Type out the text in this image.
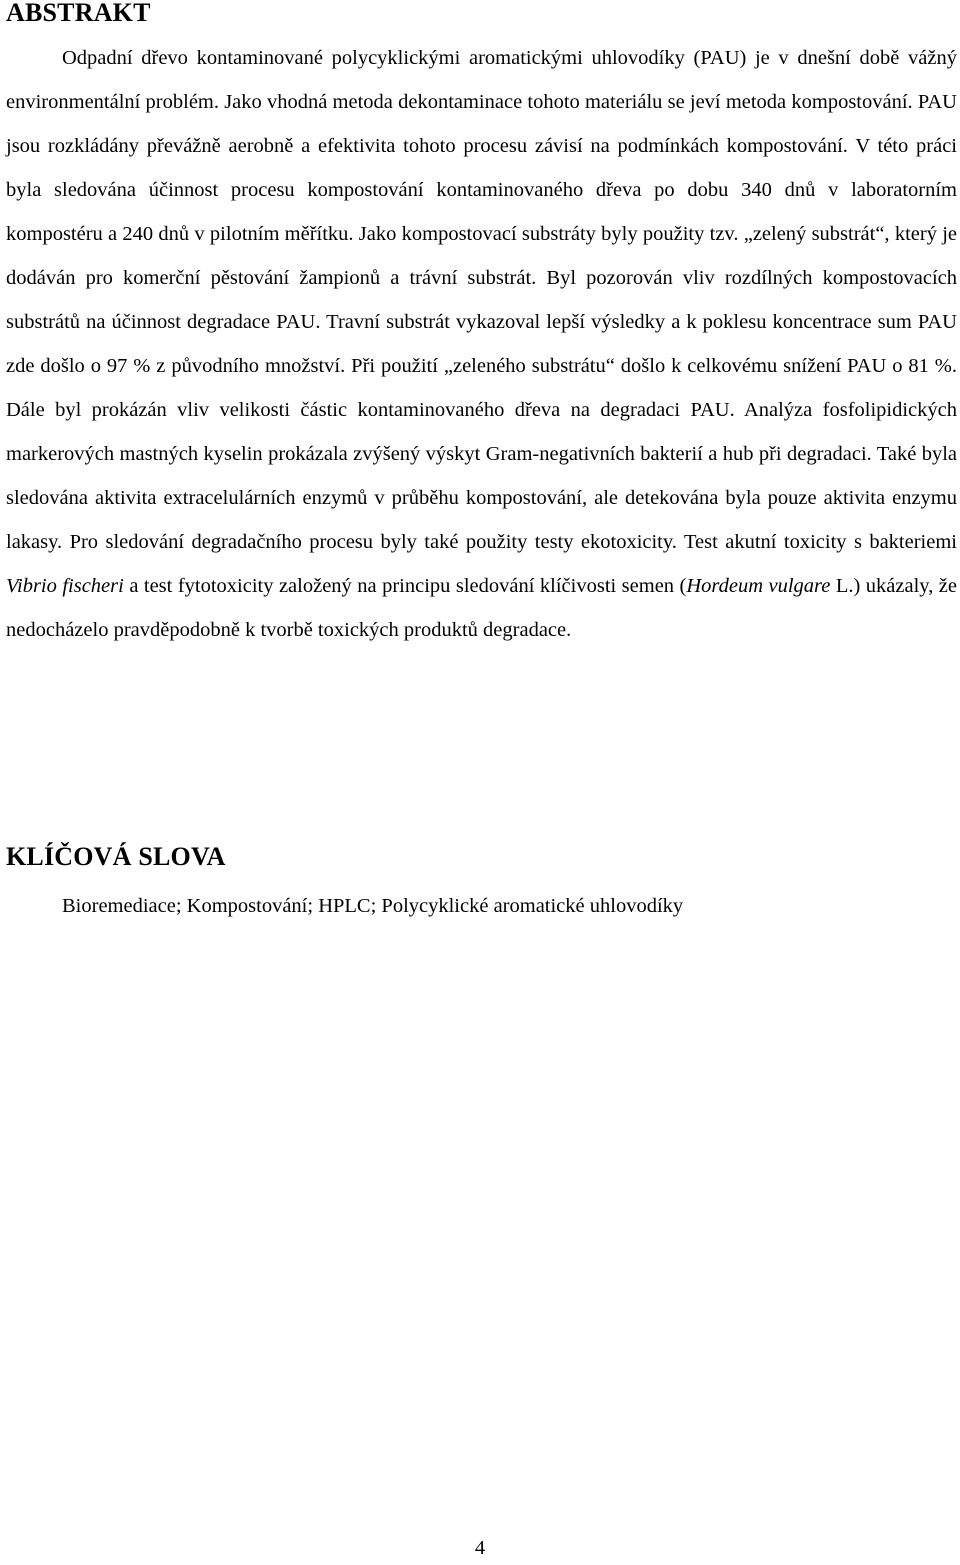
ABSTRAKT

Odpadní dřevo kontaminované polycyklickými aromatickými uhlovodíky (PAU) je v dnešní době vážný environmentální problém. Jako vhodná metoda dekontaminace tohoto materiálu se jeví metoda kompostování. PAU jsou rozkládány převážně aerobně a efektivita tohoto procesu závisí na podmínkách kompostování. V této práci byla sledována účinnost procesu kompostování kontaminovaného dřeva po dobu 340 dnů v laboratorním kompostéru a 240 dnů v pilotním měřítku. Jako kompostovací substráty byly použity tzv. „zelený substrát“, který je dodáván pro komerční pěstování žampionů a trávní substrát. Byl pozorován vliv rozdílných kompostovacích substrátů na účinnost degradace PAU. Travní substrát vykazoval lepší výsledky a k poklesu koncentrace sum PAU zde došlo o 97 % z původního množství. Při použití „zeleného substrátu“ došlo k celkovému snížení PAU o 81 %. Dále byl prokázán vliv velikosti částic kontaminovaného dřeva na degradaci PAU. Analýza fosfolipidických markerových mastných kyselin prokázala zvýšený výskyt Gram-negativních bakterií a hub při degradaci. Také byla sledována aktivita extracelulárních enzymů v průběhu kompostování, ale detekována byla pouze aktivita enzymu lakasy. Pro sledování degradačního procesu byly také použity testy ekotoxicity. Test akutní toxicity s bakteriemi Vibrio fischeri a test fytotoxicity založený na principu sledování klíčivosti semen (Hordeum vulgare L.) ukázaly, že nedocházelo pravděpodobně k tvorbě toxických produktů degradace.

KLÍČOVÁ SLOVA

Bioremediace; Kompostování; HPLC; Polycyklické aromatické uhlovodíky

4
